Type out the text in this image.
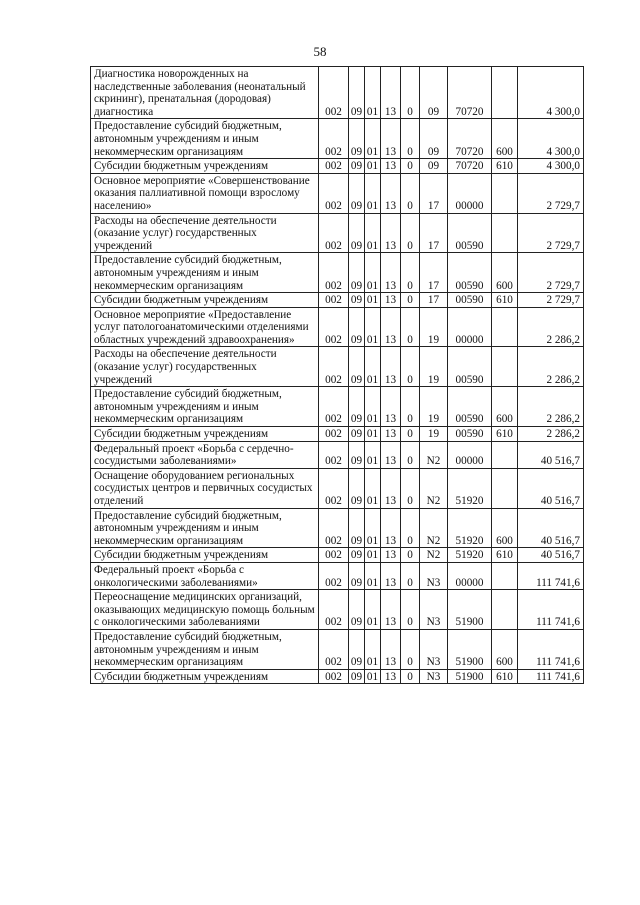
58
Диагностика новорожденных на наследственные заболевания (неонатальный скрининг), пренатальная (дородовая) диагностика	002	09	01	13	0	09	70720		4 300,0
Предоставление субсидий бюджетным, автономным учреждениям и иным некоммерческим организациям	002	09	01	13	0	09	70720	600	4 300,0
Субсидии бюджетным учреждениям	002	09	01	13	0	09	70720	610	4 300,0
Основное мероприятие «Совершенствование оказания паллиативной помощи взрослому населению»	002	09	01	13	0	17	00000		2 729,7
Расходы на обеспечение деятельности (оказание услуг) государственных учреждений	002	09	01	13	0	17	00590		2 729,7
Предоставление субсидий бюджетным, автономным учреждениям и иным некоммерческим организациям	002	09	01	13	0	17	00590	600	2 729,7
Субсидии бюджетным учреждениям	002	09	01	13	0	17	00590	610	2 729,7
Основное мероприятие «Предоставление услуг патологоанатомическими отделениями областных учреждений здравоохранения»	002	09	01	13	0	19	00000		2 286,2
Расходы на обеспечение деятельности (оказание услуг) государственных учреждений	002	09	01	13	0	19	00590		2 286,2
Предоставление субсидий бюджетным, автономным учреждениям и иным некоммерческим организациям	002	09	01	13	0	19	00590	600	2 286,2
Субсидии бюджетным учреждениям	002	09	01	13	0	19	00590	610	2 286,2
Федеральный проект «Борьба с сердечно-сосудистыми заболеваниями»	002	09	01	13	0	N2	00000		40 516,7
Оснащение оборудованием региональных сосудистых центров и первичных сосудистых отделений	002	09	01	13	0	N2	51920		40 516,7
Предоставление субсидий бюджетным, автономным учреждениям и иным некоммерческим организациям	002	09	01	13	0	N2	51920	600	40 516,7
Субсидии бюджетным учреждениям	002	09	01	13	0	N2	51920	610	40 516,7
Федеральный проект «Борьба с онкологическими заболеваниями»	002	09	01	13	0	N3	00000		111 741,6
Переоснащение медицинских организаций, оказывающих медицинскую помощь больным с онкологическими заболеваниями	002	09	01	13	0	N3	51900		111 741,6
Предоставление субсидий бюджетным, автономным учреждениям и иным некоммерческим организациям	002	09	01	13	0	N3	51900	600	111 741,6
Субсидии бюджетным учреждениям	002	09	01	13	0	N3	51900	610	111 741,6
